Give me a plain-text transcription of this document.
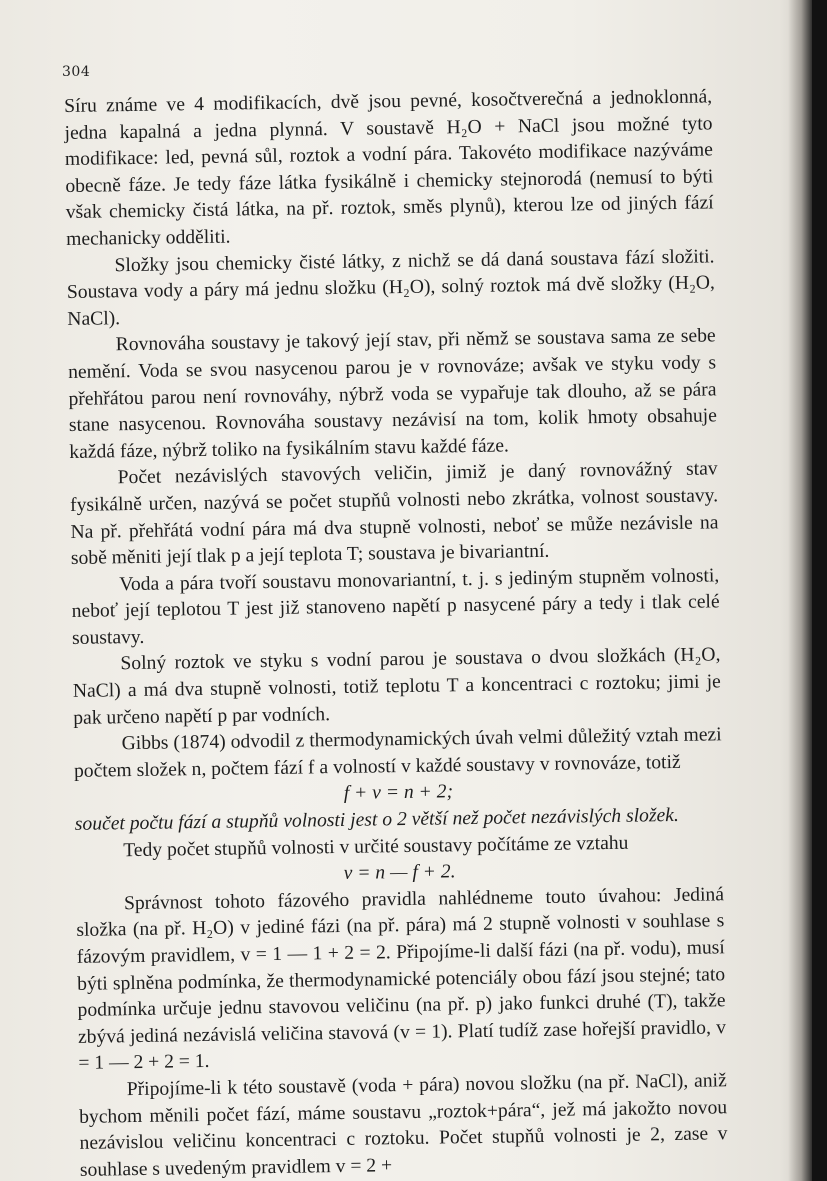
304

Síru známe ve 4 modifikacích, dvě jsou pevné, kosočtverečná a jednoklonná, jedna kapalná a jedna plynná. V soustavě H₂O + NaCl jsou možné tyto modifikace: led, pevná sůl, roztok a vodní pára. Takovéto modifikace nazýváme obecně fáze. Je tedy fáze látka fysikálně i chemicky stejnorodá (nemusí to býti však chemicky čistá látka, na př. roztok, směs plynů), kterou lze od jiných fází mechanicky odděliti.

Složky jsou chemicky čisté látky, z nichž se dá daná soustava fází složiti. Soustava vody a páry má jednu složku (H₂O), solný roztok má dvě složky (H₂O, NaCl).

Rovnováha soustavy je takový její stav, při němž se soustava sama ze sebe nemění. Voda se svou nasycenou parou je v rovnováze; avšak ve styku vody s přehřátou parou není rovnováhy, nýbrž voda se vypařuje tak dlouho, až se pára stane nasycenou. Rovnováha soustavy nezávisí na tom, kolik hmoty obsahuje každá fáze, nýbrž toliko na fysikálním stavu každé fáze.

Počet nezávislých stavových veličin, jimiž je daný rovnovážný stav fysikálně určen, nazývá se počet stupňů volnosti nebo zkrátka, volnost soustavy. Na př. přehřátá vodní pára má dva stupně volnosti, neboť se může nezávisle na sobě měniti její tlak p a její teplota T; soustava je bivariantní.

Voda a pára tvoří soustavu monovariantní, t. j. s jediným stupněm volnosti, neboť její teplotou T jest již stanoveno napětí p nasycené páry a tedy i tlak celé soustavy.

Solný roztok ve styku s vodní parou je soustava o dvou složkách (H₂O, NaCl) a má dva stupně volnosti, totiž teplotu T a koncentraci c roztoku; jimi je pak určeno napětí p par vodních.

Gibbs (1874) odvodil z thermodynamických úvah velmi důležitý vztah mezi počtem složek n, počtem fází f a volností v každé soustavy v rovnováze, totiž

f + v = n + 2;

součet počtu fází a stupňů volnosti jest o 2 větší než počet nezávislých složek.

Tedy počet stupňů volnosti v určité soustavy počítáme ze vztahu

v = n — f + 2.

Správnost tohoto fázového pravidla nahlédneme touto úvahou: Jediná složka (na př. H₂O) v jediné fázi (na př. pára) má 2 stupně volnosti v souhlase s fázovým pravidlem, v = 1 — 1 + 2 = 2. Připojíme-li další fázi (na př. vodu), musí býti splněna podmínka, že thermodynamické potenciály obou fází jsou stejné; tato podmínka určuje jednu stavovou veličinu (na př. p) jako funkci druhé (T), takže zbývá jediná nezávislá veličina stavová (v = 1). Platí tudíž zase hořejší pravidlo, v = 1 — 2 + 2 = 1.

Připojíme-li k této soustavě (voda + pára) novou složku (na př. NaCl), aniž bychom měnili počet fází, máme soustavu „roztok+pára“, jež má jakožto novou nezávislou veličinu koncentraci c roztoku. Počet stupňů volnosti je 2, zase v souhlase s uvedeným pravidlem v = 2 +
